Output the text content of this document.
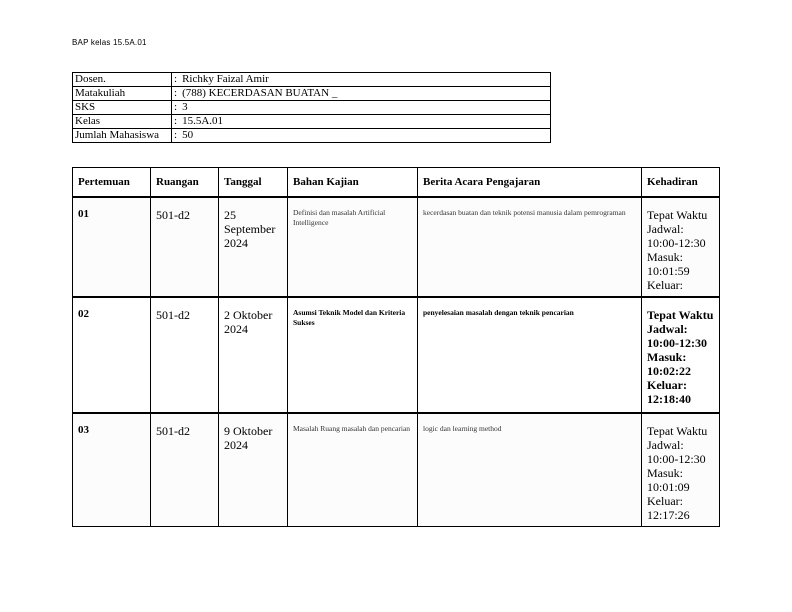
BAP kelas 15.5A.01
Dosen.	: Richky Faizal Amir
Matakuliah	: (788) KECERDASAN BUATAN _
SKS	: 3
Kelas	: 15.5A.01
Jumlah Mahasiswa	: 50
Pertemuan	Ruangan	Tanggal	Bahan Kajian	Berita Acara Pengajaran	Kehadiran
01	501-d2	25 September 2024	Definisi dan masalah Artificial Intelligence	kecerdasan buatan dan teknik potensi manusia dalam pemrograman	Tepat Waktu
Jadwal: 10:00-12:30
Masuk: 10:01:59
Keluar:

02	501-d2	2 Oktober 2024	Asumsi Teknik Model dan Kriteria Sukses	penyelesaian masalah dengan teknik pencarian	Tepat Waktu
Jadwal: 10:00-12:30
Masuk: 10:02:22
Keluar: 12:18:40

03	501-d2	9 Oktober 2024	Masalah Ruang masalah dan pencarian	logic dan learning method	Tepat Waktu
Jadwal: 10:00-12:30
Masuk: 10:01:09
Keluar: 12:17:26
